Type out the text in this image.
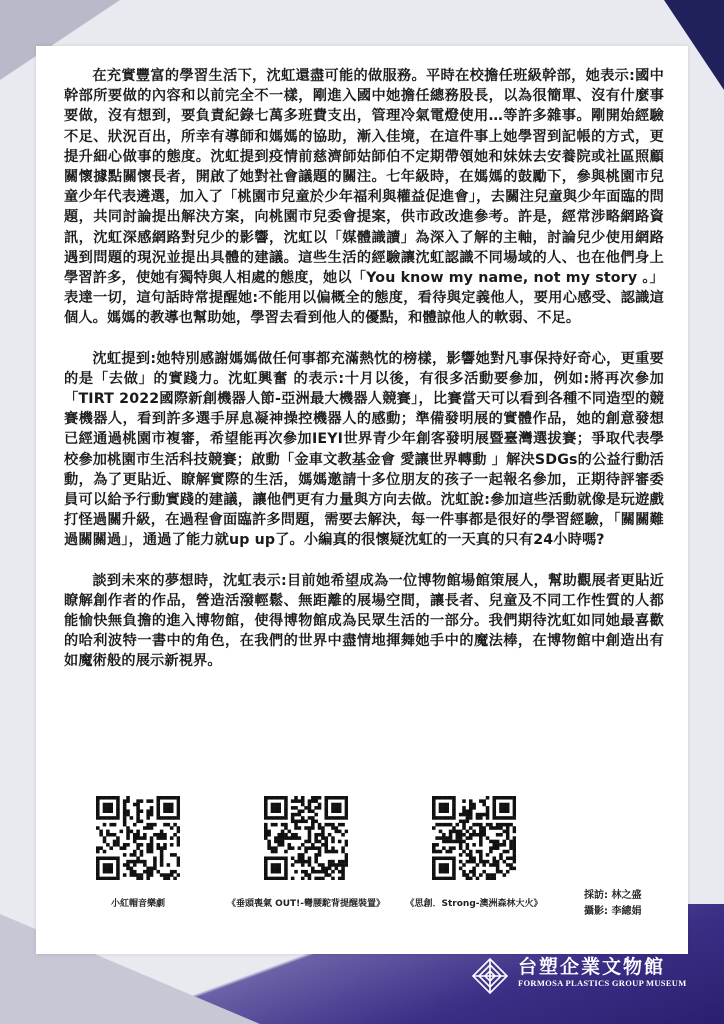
在充實豐富的學習生活下，沈虹還盡可能的做服務。平時在校擔任班級幹部，她表示:國中幹部所要做的內容和以前完全不一樣，剛進入國中她擔任總務股長，以為很簡單、沒有什麼事要做，沒有想到，要負責紀錄七萬多班費支出，管理冷氣電燈使用…等許多雜事。剛開始經驗不足、狀況百出，所幸有導師和媽媽的協助，漸入佳境，在這件事上她學習到記帳的方式，更提升細心做事的態度。沈虹提到疫情前慈濟師姑師伯不定期帶領她和妹妹去安養院或社區照顧關懷據點關懷長者，開啟了她對社會議題的關注。七年級時，在媽媽的鼓勵下，參與桃園市兒童少年代表遴選，加入了「桃園市兒童於少年福利與權益促進會」，去關注兒童與少年面臨的問題，共同討論提出解決方案，向桃園市兒委會提案，供市政改進參考。許是，經常涉略網路資訊，沈虹深感網路對兒少的影響，沈虹以「媒體識讀」為深入了解的主軸，討論兒少使用網路遇到問題的現況並提出具體的建議。這些生活的經驗讓沈虹認識不同場域的人、也在他們身上學習許多，使她有獨特與人相處的態度，她以「You know my name, not my story 。」表達一切，這句話時常提醒她:不能用以偏概全的態度，看待與定義他人，要用心感受、認識這個人。媽媽的教導也幫助她，學習去看到他人的優點，和體諒他人的軟弱、不足。

沈虹提到:她特別感謝媽媽做任何事都充滿熱忱的榜樣，影響她對凡事保持好奇心，更重要的是「去做」的實踐力。沈虹興奮 的表示:十月以後，有很多活動要參加，例如:將再次參加「TIRT 2022國際新創機器人節-亞洲最大機器人競賽」，比賽當天可以看到各種不同造型的競賽機器人，看到許多選手屏息凝神操控機器人的感動；準備發明展的實體作品，她的創意發想已經通過桃園市複審，希望能再次參加IEYI世界青少年創客發明展暨臺灣選拔賽；爭取代表學校參加桃園市生活科技競賽；啟動「金車文教基金會 愛讓世界轉動 」解決SDGs的公益行動活動，為了更貼近、瞭解實際的生活，媽媽邀請十多位朋友的孩子一起報名參加，正期待評審委員可以給予行動實踐的建議，讓他們更有力量與方向去做。沈虹說:參加這些活動就像是玩遊戲打怪過關升級，在過程會面臨許多問題，需要去解決，每一件事都是很好的學習經驗，「關關難過關關過」，通過了能力就up up了。小編真的很懷疑沈虹的一天真的只有24小時嗎?

談到未來的夢想時，沈虹表示:目前她希望成為一位博物館場館策展人，幫助觀展者更貼近瞭解創作者的作品，營造活潑輕鬆、無距離的展場空間，讓長者、兒童及不同工作性質的人都能愉快無負擔的進入博物館，使得博物館成為民眾生活的一部分。我們期待沈虹如同她最喜歡的哈利波特一書中的角色，在我們的世界中盡情地揮舞她手中的魔法棒，在博物館中創造出有如魔術般的展示新視界。

小紅帽音樂劇	《垂頭喪氣 OUT!-彎腰駝背提醒裝置》	《思創．Strong-澳洲森林大火》
採訪: 林之盛
攝影: 李總娟
台塑企業文物館
FORMOSA PLASTICS GROUP MUSEUM
